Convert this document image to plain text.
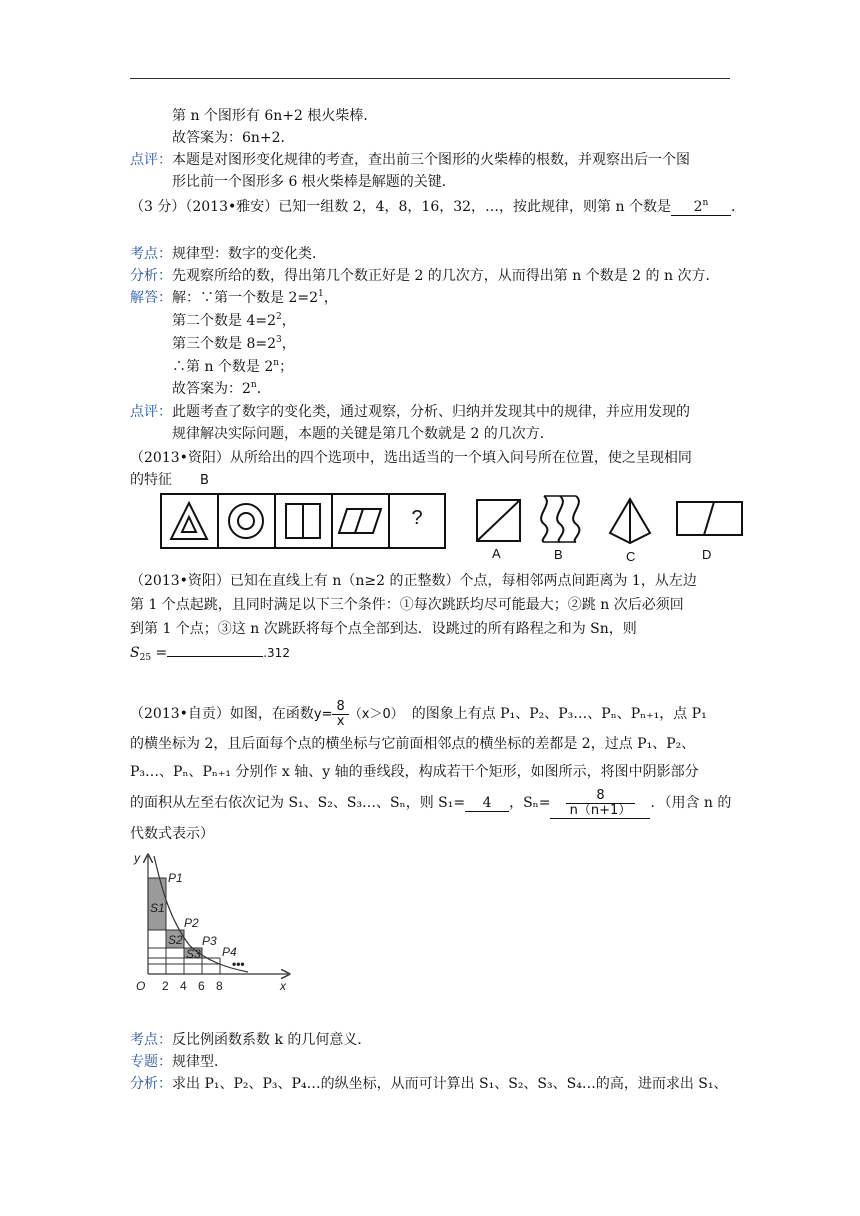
第 n 个图形有 6n+2 根火柴棒．
故答案为：6n+2．
点评：本题是对图形变化规律的考查，查出前三个图形的火柴棒的根数，并观察出后一个图
形比前一个图形多 6 根火柴棒是解题的关键．
（3 分）（2013•雅安）已知一组数 2，4，8，16，32，…，按此规律，则第 n 个数是 2$^n$ ．
考点：规律型：数字的变化类．
分析：先观察所给的数，得出第几个数正好是 2 的几次方，从而得出第 n 个数是 2 的 n 次方．
解答：解：∵第一个数是 $2=2^1$，
第二个数是 $4=2^2$，
第三个数是 $8=2^3$，
∴第 n 个数是 2$^n$；
故答案为：2$^n$．
点评：此题考查了数字的变化类，通过观察，分析、归纳并发现其中的规律，并应用发现的
规律解决实际问题，本题的关键是第几个数就是 2 的几次方．
（2013•资阳）从所给出的四个选项中，选出适当的一个填入问号所在位置，使之呈现相同
的特征 B
?
A	B	C	D
（2013•资阳）已知在直线上有 n（n≥2 的正整数）个点，每相邻两点间距离为 1，从左边
第 1 个点起跳，且同时满足以下三个条件：①每次跳跃均尽可能最大；②跳 n 次后必须回
到第 1 个点；③这 n 次跳跃将每个点全部到达．设跳过的所有路程之和为 Sn，则
$S_{25}$ =	.312
（2013•自贡）如图，在函数$y= \frac{8}{x} (x>0)$ 的图象上有点 P₁、P₂、P₃…、Pₙ、Pₙ₊₁，点 P₁
的横坐标为 2，且后面每个点的横坐标与它前面相邻点的横坐标的差都是 2，过点 P₁、P₂、
P₃…、Pₙ、Pₙ₊₁ 分别作 x 轴、y 轴的垂线段，构成若干个矩形，如图所示，将图中阴影部分
的面积从左至右依次记为 S₁、S₂、S₃…、Sₙ，则 S₁= 4 ，$S_n= \frac{8}{n(n+1)}$ ．（用含 n 的
代数式表示）
y
x
O
P1
P2
P3
P4
S1
S2
S3
2 4 6 8
•••
考点：反比例函数系数 k 的几何意义．
专题：规律型．
分析：求出 P₁、P₂、P₃、P₄…的纵坐标，从而可计算出 S₁、S₂、S₃、S₄…的高，进而求出 S₁、
